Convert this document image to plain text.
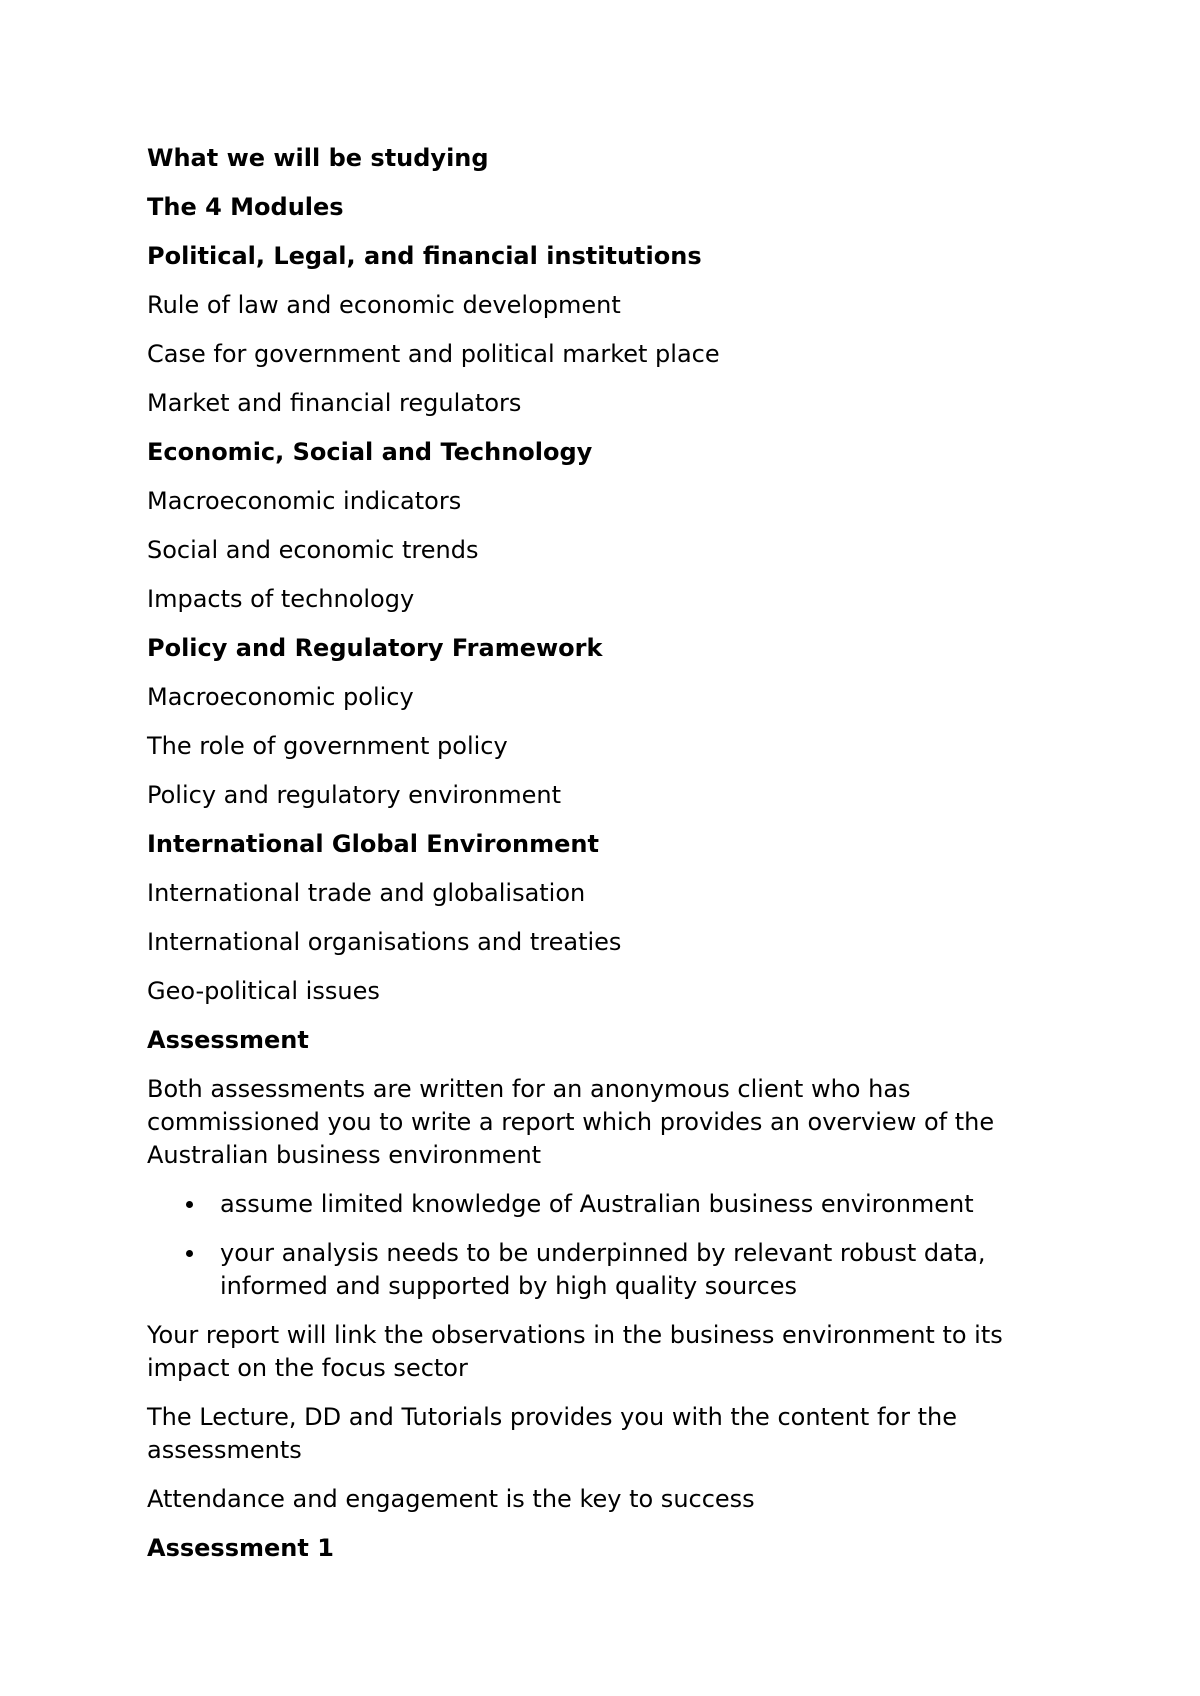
What we will be studying
The 4 Modules
Political, Legal, and financial institutions
Rule of law and economic development
Case for government and political market place
Market and financial regulators
Economic, Social and Technology
Macroeconomic indicators
Social and economic trends
Impacts of technology
Policy and Regulatory Framework
Macroeconomic policy
The role of government policy
Policy and regulatory environment
International Global Environment
International trade and globalisation
International organisations and treaties
Geo-political issues
Assessment
Both assessments are written for an anonymous client who has commissioned you to write a report which provides an overview of the Australian business environment
assume limited knowledge of Australian business environment
your analysis needs to be underpinned by relevant robust data, informed and supported by high quality sources
Your report will link the observations in the business environment to its impact on the focus sector
The Lecture, DD and Tutorials provides you with the content for the assessments
Attendance and engagement is the key to success
Assessment 1
